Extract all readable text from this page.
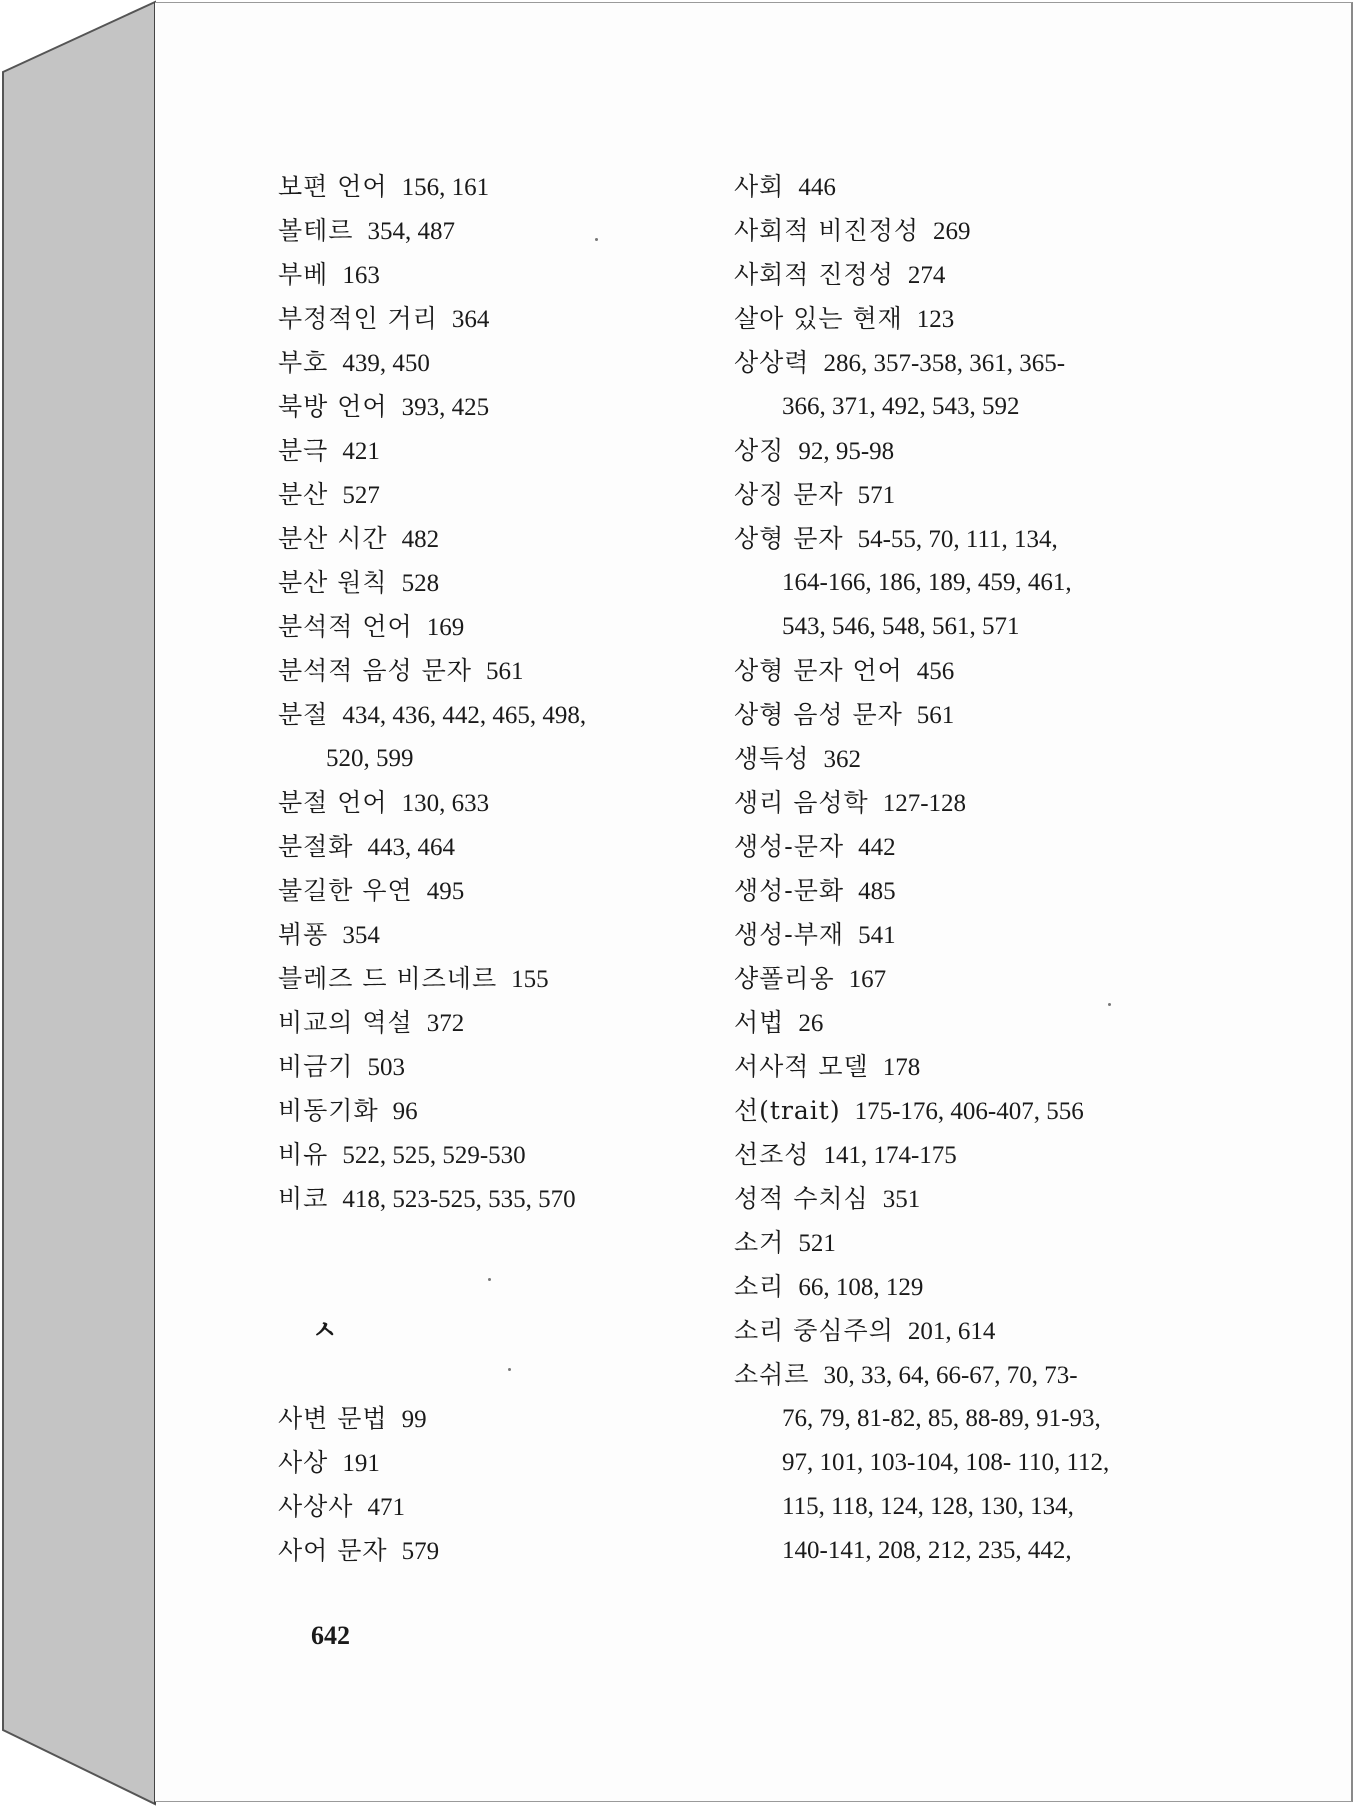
보편 언어 156, 161
볼테르 354, 487
부베 163
부정적인 거리 364
부호 439, 450
북방 언어 393, 425
분극 421
분산 527
분산 시간 482
분산 원칙 528
분석적 언어 169
분석적 음성 문자 561
분절 434, 436, 442, 465, 498,
520, 599
분절 언어 130, 633
분절화 443, 464
불길한 우연 495
뷔퐁 354
블레즈 드 비즈네르 155
비교의 역설 372
비금기 503
비동기화 96
비유 522, 525, 529-530
비코 418, 523-525, 535, 570
ㅅ
사변 문법 99
사상 191
사상사 471
사어 문자 579
사회 446
사회적 비진정성 269
사회적 진정성 274
살아 있는 현재 123
상상력 286, 357-358, 361, 365-
366, 371, 492, 543, 592
상징 92, 95-98
상징 문자 571
상형 문자 54-55, 70, 111, 134,
164-166, 186, 189, 459, 461,
543, 546, 548, 561, 571
상형 문자 언어 456
상형 음성 문자 561
생득성 362
생리 음성학 127-128
생성-문자 442
생성-문화 485
생성-부재 541
샹폴리옹 167
서법 26
서사적 모델 178
선(trait) 175-176, 406-407, 556
선조성 141, 174-175
성적 수치심 351
소거 521
소리 66, 108, 129
소리 중심주의 201, 614
소쉬르 30, 33, 64, 66-67, 70, 73-
76, 79, 81-82, 85, 88-89, 91-93,
97, 101, 103-104, 108- 110, 112,
115, 118, 124, 128, 130, 134,
140-141, 208, 212, 235, 442,
642
